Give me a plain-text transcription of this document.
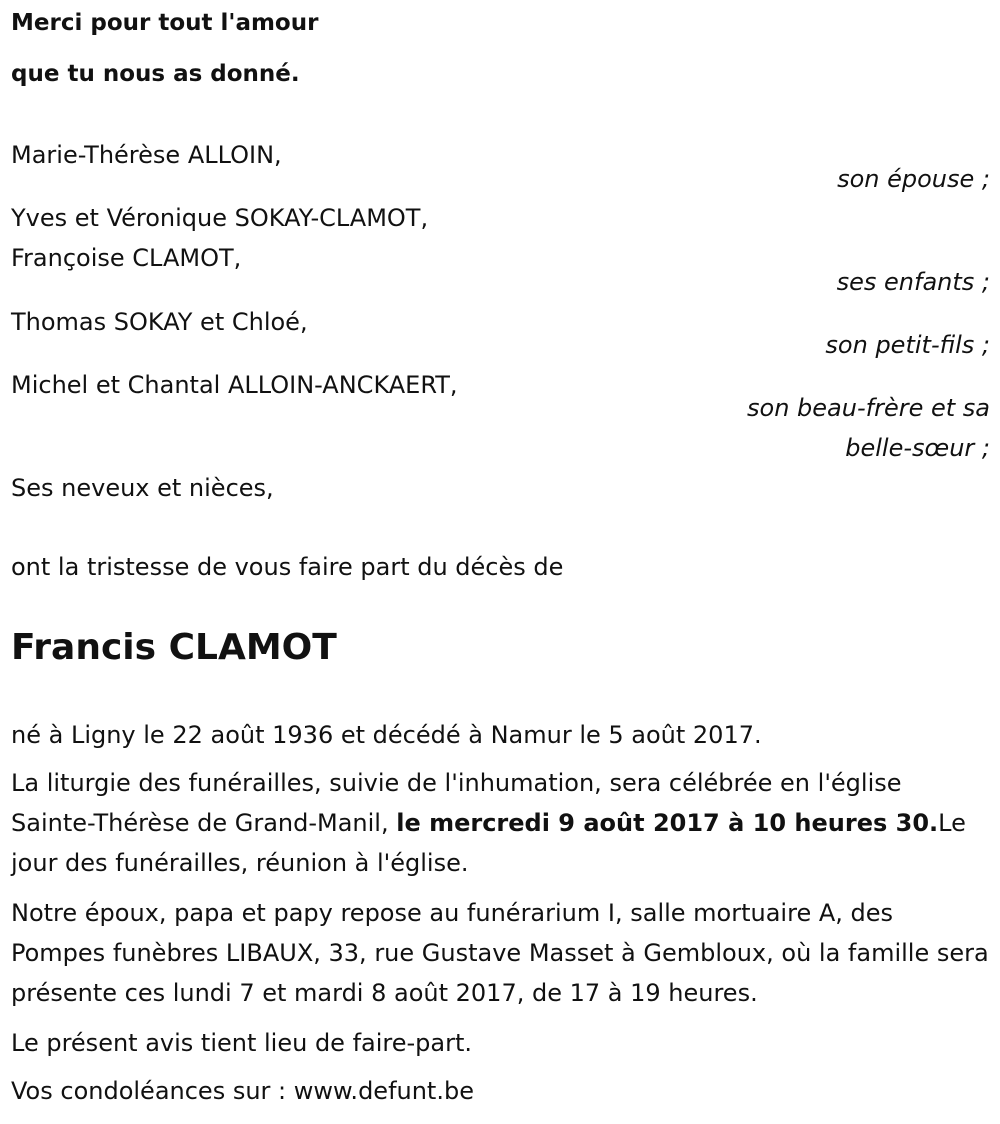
Merci pour tout l'amour
que tu nous as donné.
Marie-Thérèse ALLOIN,
son épouse ;
Yves et Véronique SOKAY-CLAMOT,
Françoise CLAMOT,
ses enfants ;
Thomas SOKAY et Chloé,
son petit-fils ;
Michel et Chantal ALLOIN-ANCKAERT,
son beau-frère et sa
belle-sœur ;
Ses neveux et nièces,
ont la tristesse de vous faire part du décès de
Francis CLAMOT
né à Ligny le 22 août 1936 et décédé à Namur le 5 août 2017.
La liturgie des funérailles, suivie de l'inhumation, sera célébrée en l'église Sainte-Thérèse de Grand-Manil, le mercredi 9 août 2017 à 10 heures 30.Le jour des funérailles, réunion à l'église.
Notre époux, papa et papy repose au funérarium I, salle mortuaire A, des Pompes funèbres LIBAUX, 33, rue Gustave Masset à Gembloux, où la famille sera présente ces lundi 7 et mardi 8 août 2017, de 17 à 19 heures.
Le présent avis tient lieu de faire-part.
Vos condoléances sur : www.defunt.be
